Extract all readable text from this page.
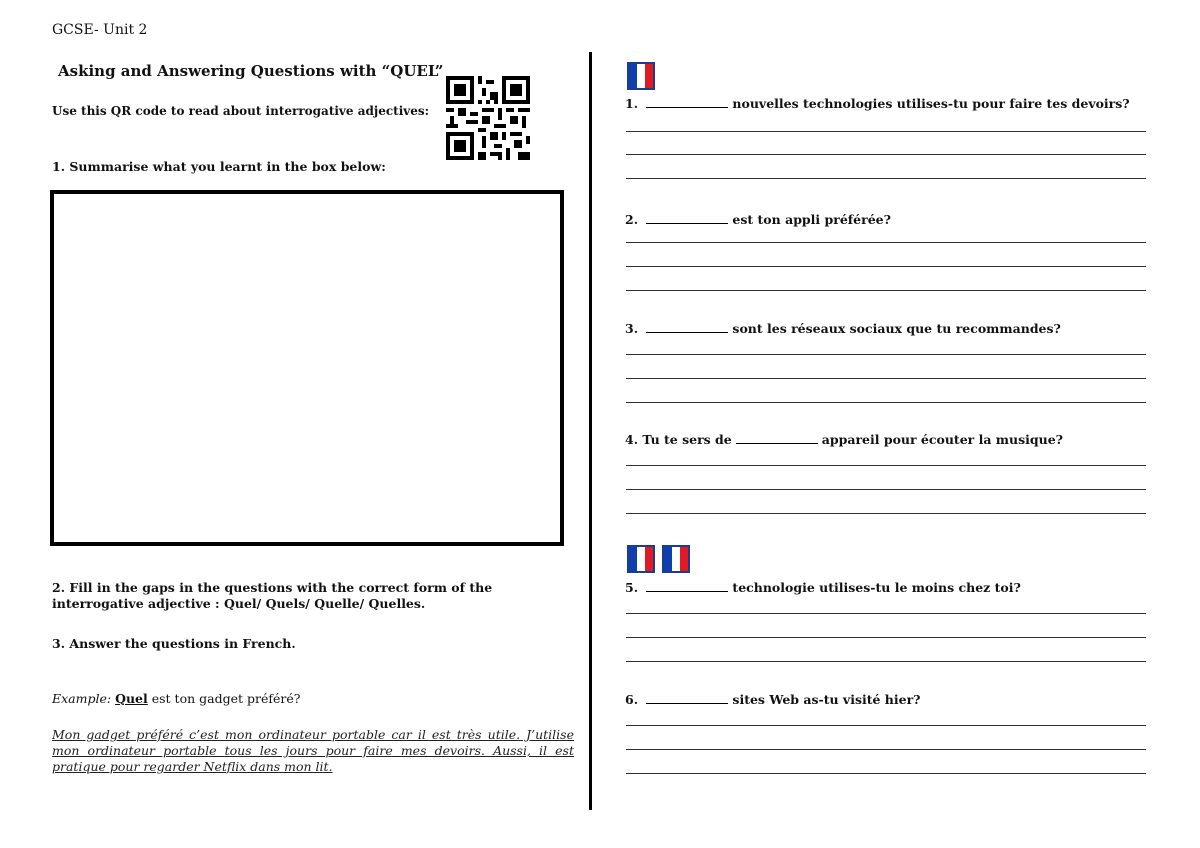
GCSE- Unit 2
Asking and Answering Questions with “QUEL”
Use this QR code to read about interrogative adjectives:
1. Summarise what you learnt in the box below:
2. Fill in the gaps in the questions with the correct form of the interrogative adjective : Quel/ Quels/ Quelle/ Quelles.
3. Answer the questions in French.
Example: Quel est ton gadget préféré?
Mon gadget préféré c’est mon ordinateur portable car il est très utile. J’utilise mon ordinateur portable tous les jours pour faire mes devoirs. Aussi, il est pratique pour regarder Netflix dans mon lit.
1.	nouvelles technologies utilises-tu pour faire tes devoirs?
2.	est ton appli préférée?
3.	sont les réseaux sociaux que tu recommandes?
4. Tu te sers de	appareil pour écouter la musique?
5.	technologie utilises-tu le moins chez toi?
6.	sites Web as-tu visité hier?
